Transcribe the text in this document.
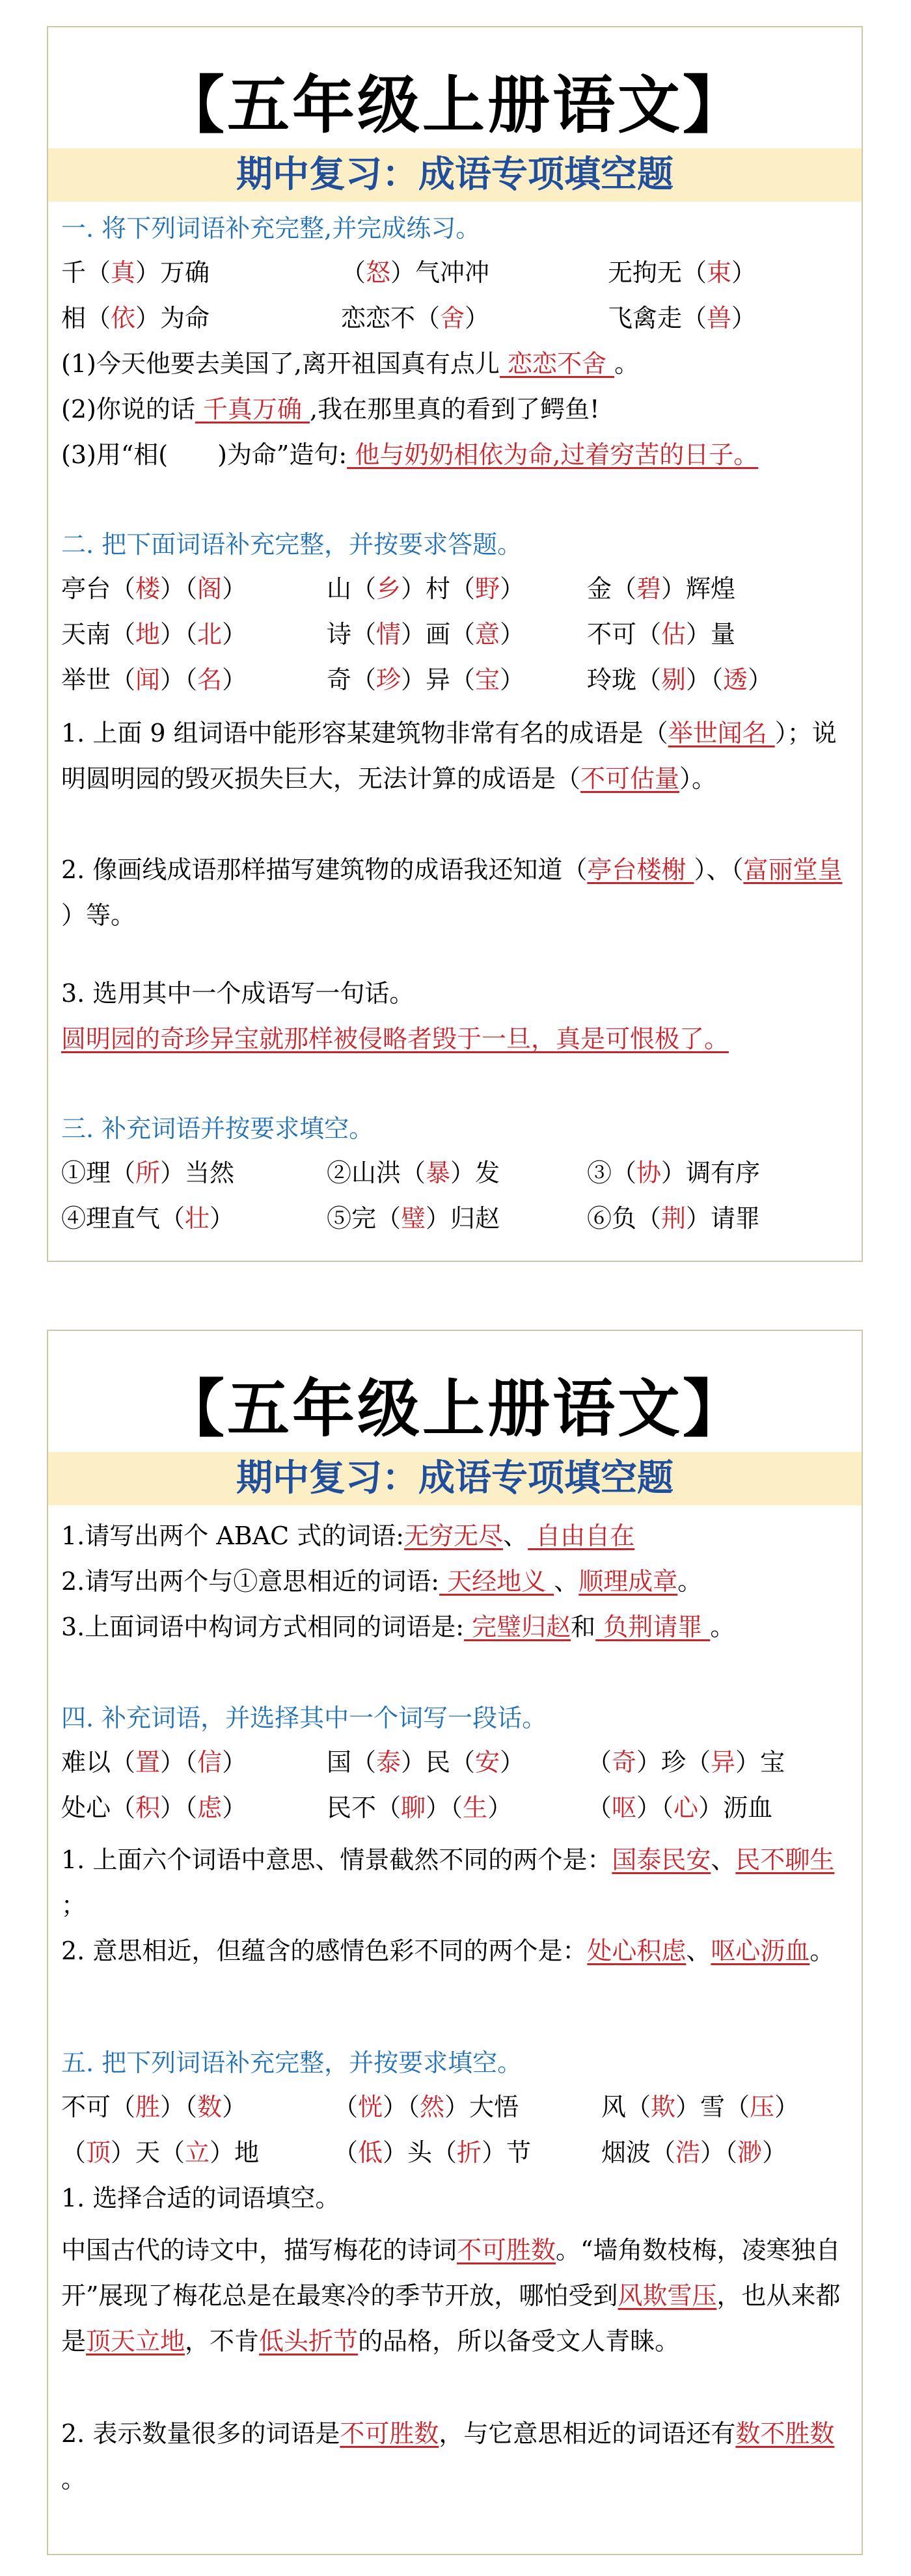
【五年级上册语文】
期中复习：成语专项填空题
一. 将下列词语补充完整,并完成练习。
千（真）万确	（怒）气冲冲	无拘无（束）
相（依）为命	恋恋不（舍）	飞禽走（兽）
(1)今天他要去美国了,离开祖国真有点儿 恋恋不舍 。
(2)你说的话 千真万确 ,我在那里真的看到了鳄鱼!
(3)用“相(　　)为命”造句: 他与奶奶相依为命,过着穷苦的日子。
二. 把下面词语补充完整，并按要求答题。
亭台（楼）（阁）	山（乡）村（野）	金（碧）辉煌
天南（地）（北）	诗（情）画（意）	不可（估）量
举世（闻）（名）	奇（珍）异（宝）	玲珑（剔）（透）
1. 上面 9 组词语中能形容某建筑物非常有名的成语是（举世闻名 ）；说明圆明园的毁灭损失巨大，无法计算的成语是（不可估量）。
2. 像画线成语那样描写建筑物的成语我还知道（亭台楼榭 ）、（富丽堂皇 ）等。
3. 选用其中一个成语写一句话。
圆明园的奇珍异宝就那样被侵略者毁于一旦，真是可恨极了。
三. 补充词语并按要求填空。
①理（所）当然	②山洪（暴）发	③（协）调有序
④理直气（壮）	⑤完（璧）归赵	⑥负（荆）请罪
【五年级上册语文】
期中复习：成语专项填空题
1.请写出两个 ABAC 式的词语:无穷无尽、 自由自在
2.请写出两个与①意思相近的词语: 天经地义 、顺理成章。
3.上面词语中构词方式相同的词语是: 完璧归赵和 负荆请罪 。
四. 补充词语，并选择其中一个词写一段话。
难以（置）（信）	国（泰）民（安）	（奇）珍（异）宝
处心（积）（虑）	民不（聊）（生）	（呕）（心）沥血
1. 上面六个词语中意思、情景截然不同的两个是：国泰民安、民不聊生 ；
2. 意思相近，但蕴含的感情色彩不同的两个是：处心积虑、呕心沥血。
五. 把下列词语补充完整，并按要求填空。
不可（胜）（数）	（恍）（然）大悟	风（欺）雪（压）
（顶）天（立）地	（低）头（折）节	烟波（浩）（渺）
1. 选择合适的词语填空。
中国古代的诗文中，描写梅花的诗词不可胜数。“墙角数枝梅，凌寒独自开”展现了梅花总是在最寒冷的季节开放，哪怕受到风欺雪压，也从来都是顶天立地，不肯低头折节的品格，所以备受文人青睐。
2. 表示数量很多的词语是不可胜数，与它意思相近的词语还有数不胜数 。
